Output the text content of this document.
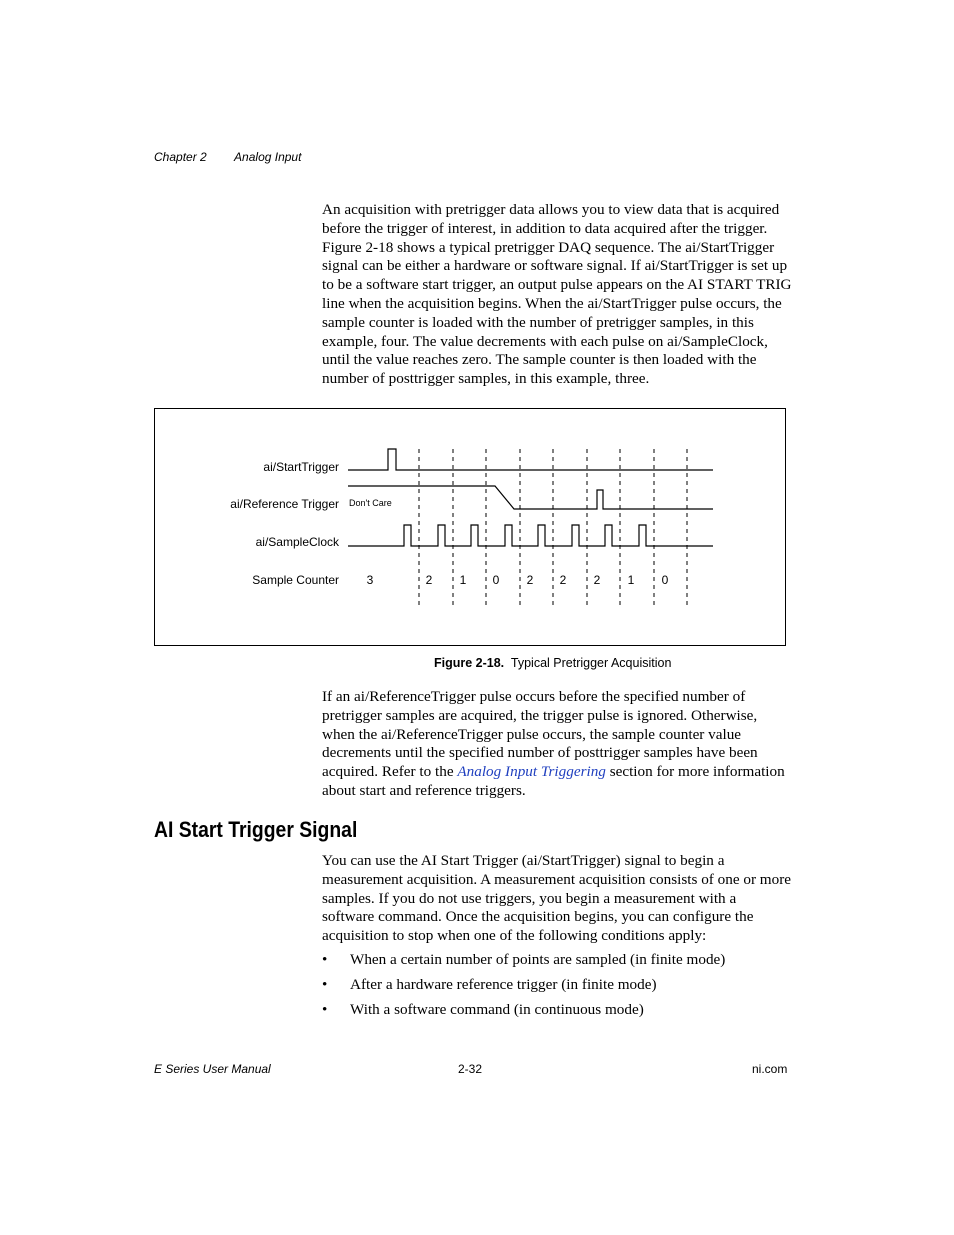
Chapter 2 Analog Input

An acquisition with pretrigger data allows you to view data that is acquired before the trigger of interest, in addition to data acquired after the trigger. Figure 2-18 shows a typical pretrigger DAQ sequence. The ai/StartTrigger signal can be either a hardware or software signal. If ai/StartTrigger is set up to be a software start trigger, an output pulse appears on the AI START TRIG line when the acquisition begins. When the ai/StartTrigger pulse occurs, the sample counter is loaded with the number of pretrigger samples, in this example, four. The value decrements with each pulse on ai/SampleClock, until the value reaches zero. The sample counter is then loaded with the number of posttrigger samples, in this example, three.

ai/StartTrigger
ai/Reference Trigger
ai/SampleClock
Sample Counter
Don't Care
3	2 1 0 2 2 2 1 0
Figure 2-18. Typical Pretrigger Acquisition

If an ai/ReferenceTrigger pulse occurs before the specified number of pretrigger samples are acquired, the trigger pulse is ignored. Otherwise, when the ai/ReferenceTrigger pulse occurs, the sample counter value decrements until the specified number of posttrigger samples have been acquired. Refer to the Analog Input Triggering section for more information about start and reference triggers.

AI Start Trigger Signal

You can use the AI Start Trigger (ai/StartTrigger) signal to begin a measurement acquisition. A measurement acquisition consists of one or more samples. If you do not use triggers, you begin a measurement with a software command. Once the acquisition begins, you can configure the acquisition to stop when one of the following conditions apply:

• When a certain number of points are sampled (in finite mode)
• After a hardware reference trigger (in finite mode)
• With a software command (in continuous mode)
E Series User Manual	2-32	ni.com
